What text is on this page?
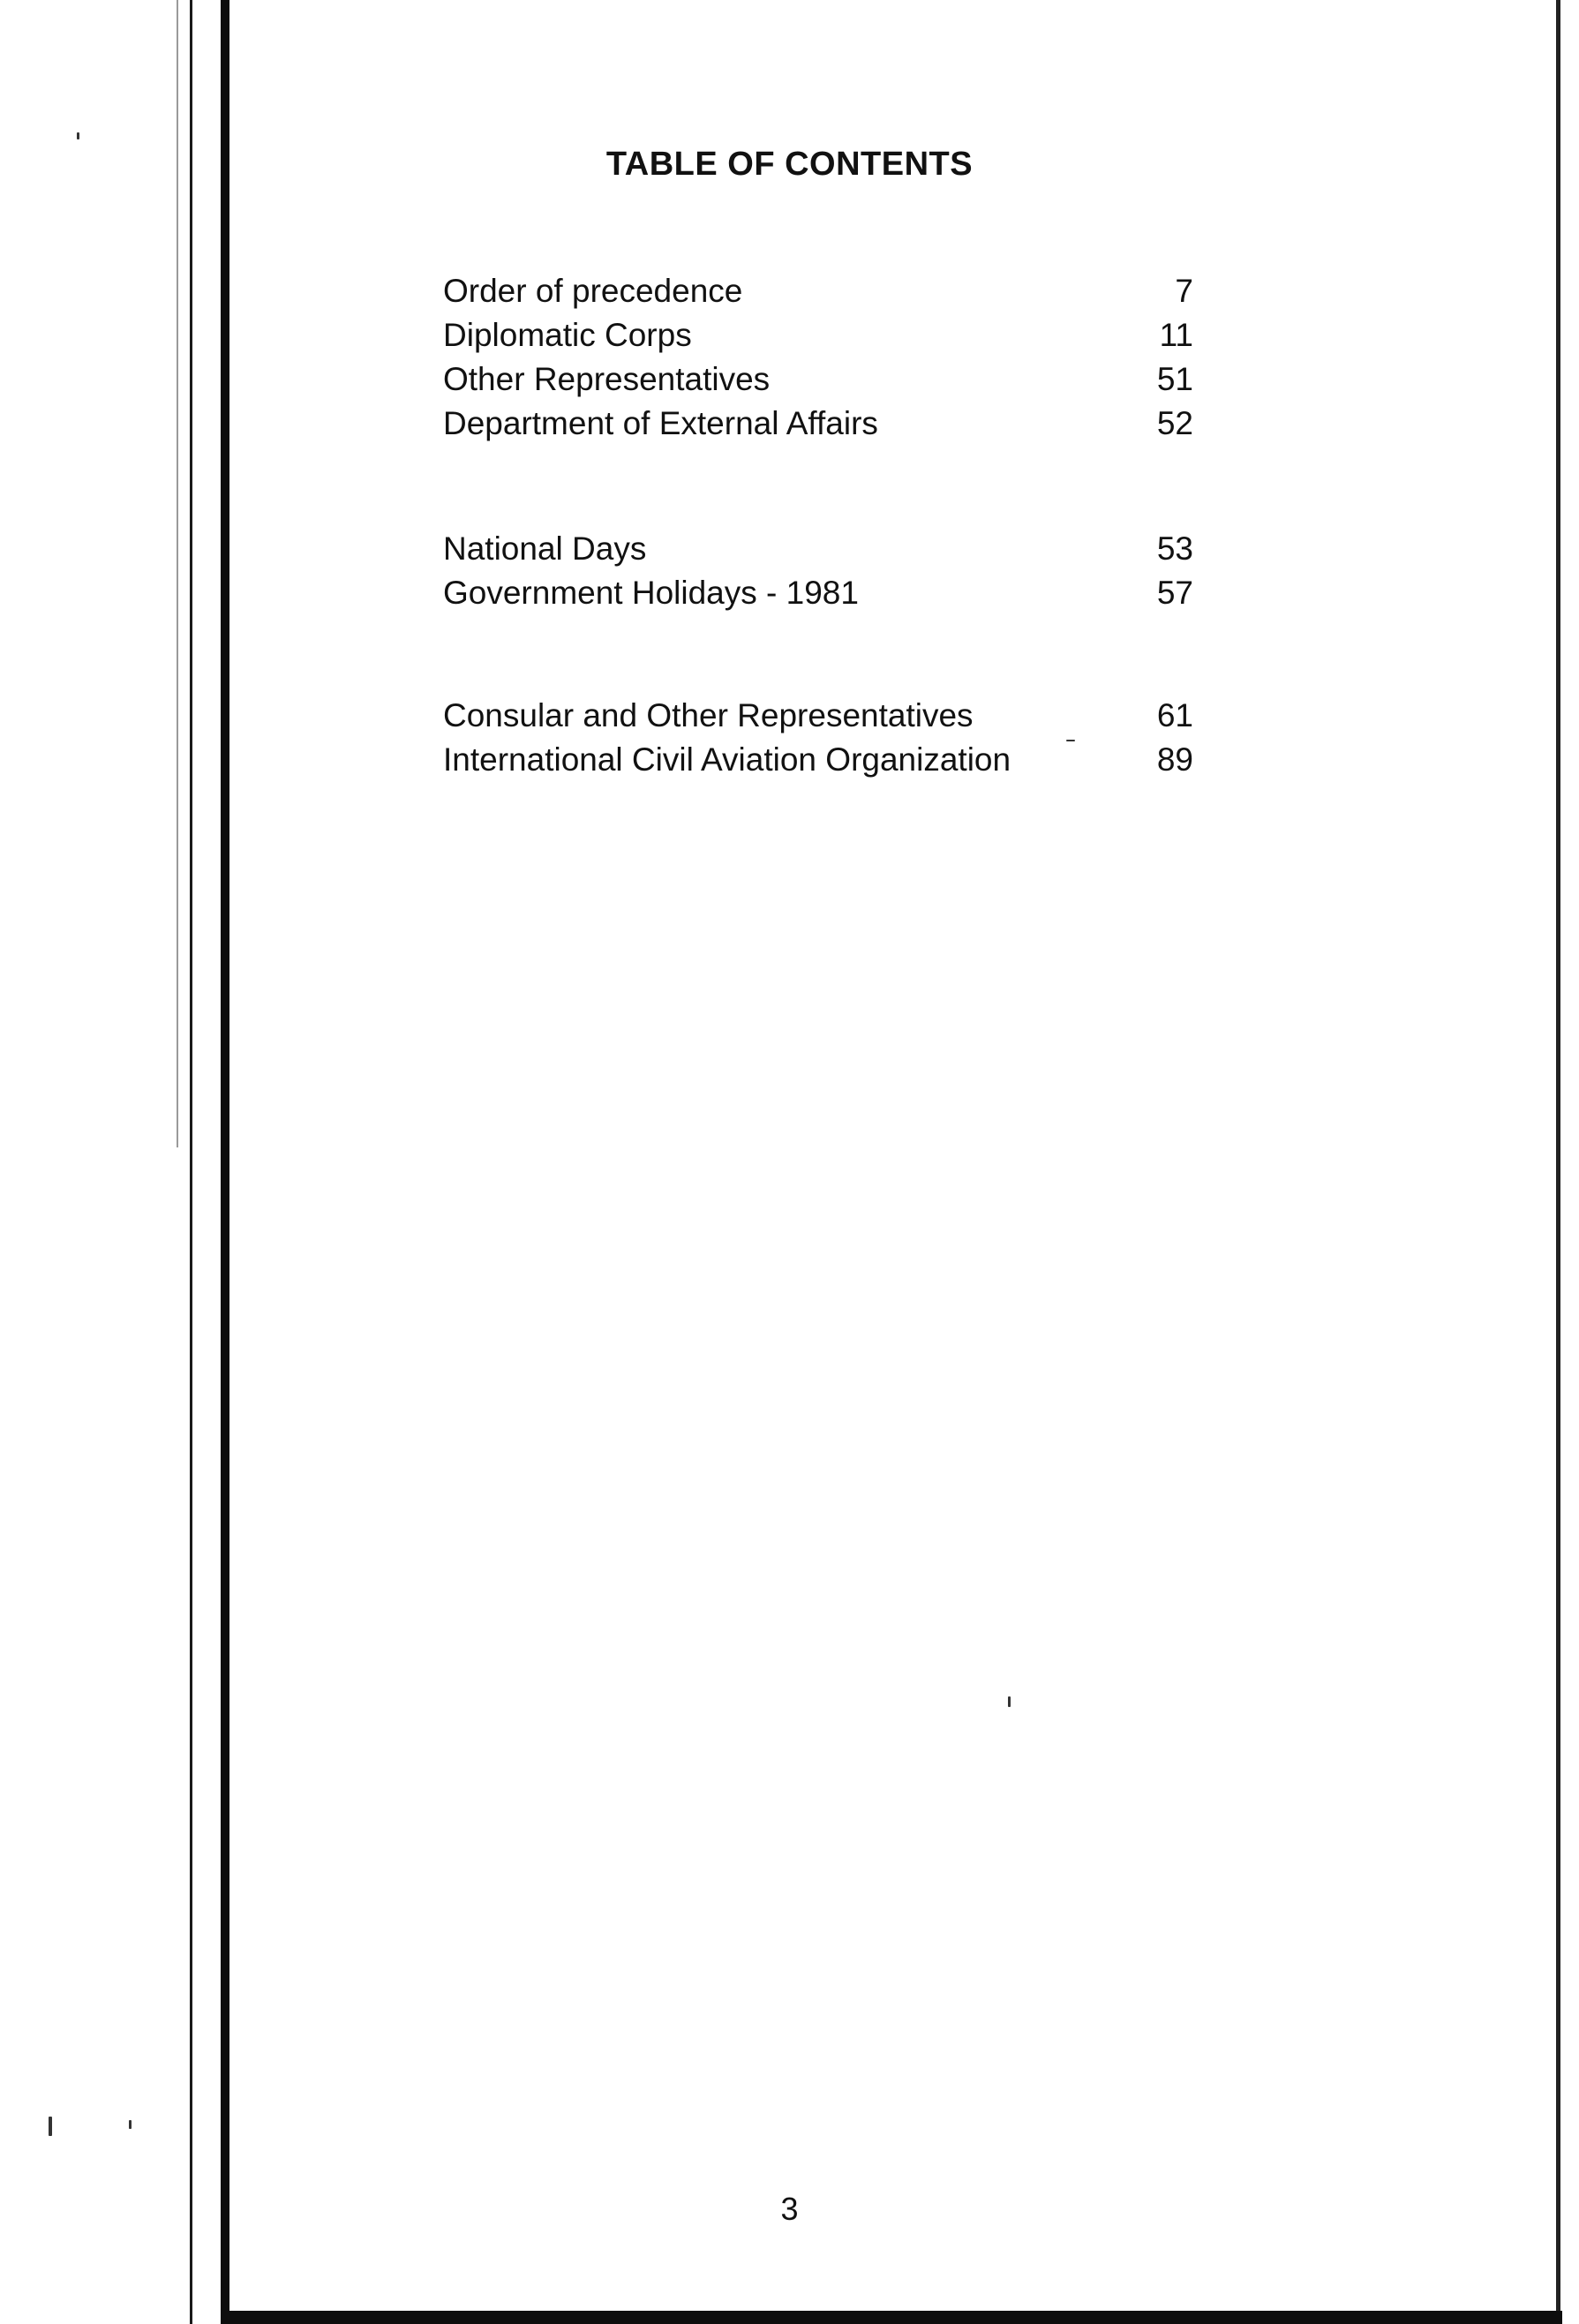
TABLE OF CONTENTS
Order of precedence	7
Diplomatic Corps	11
Other Representatives	51
Department of External Affairs	52
National Days	53
Government Holidays - 1981	57
Consular and Other Representatives	61
International Civil Aviation Organization	89
3
